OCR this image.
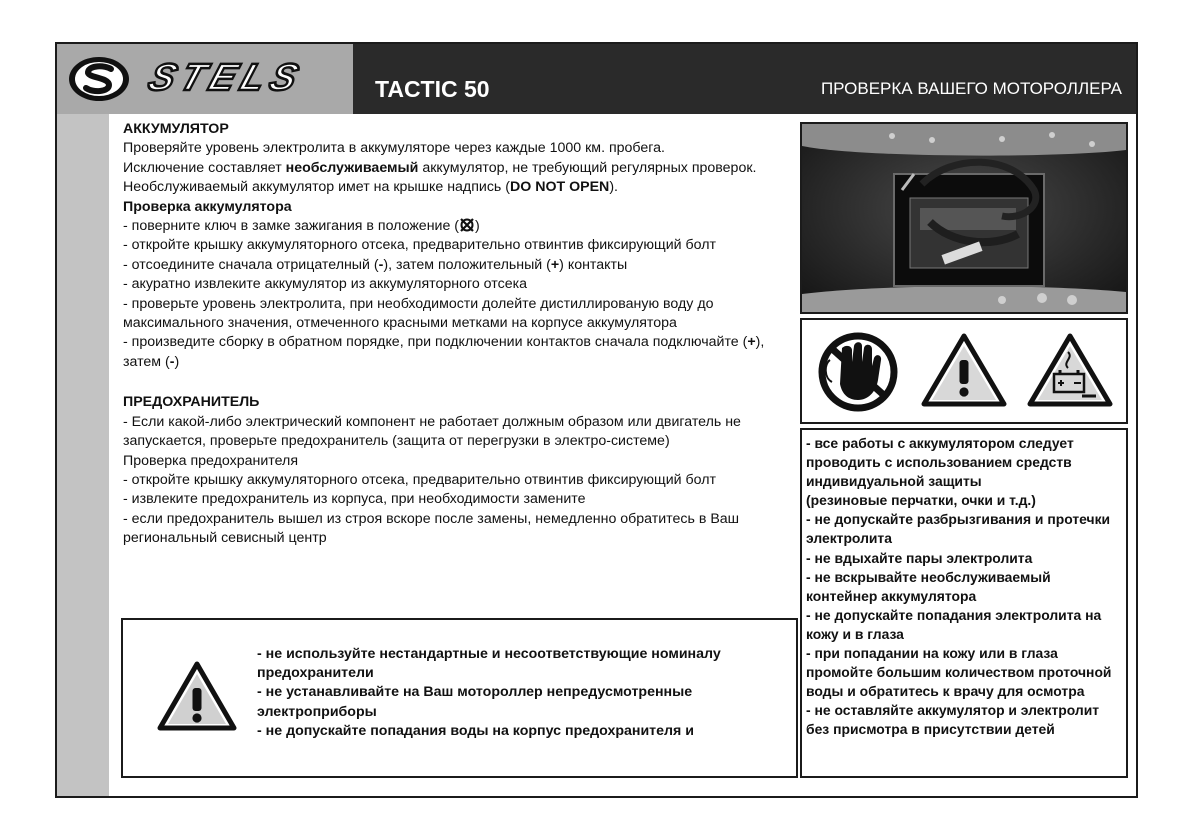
STELS	TACTIC 50	ПРОВЕРКА ВАШЕГО МОТОРОЛЛЕРА

АККУМУЛЯТОР

Проверяйте уровень электролита в аккумуляторе через каждые 1000 км. пробега.

Исключение составляет необслуживаемый аккумулятор, не требующий регулярных проверок.

Необслуживаемый аккумулятор имет на крышке надпись (DO NOT OPEN).

Проверка аккумулятора

- поверните ключ в замке зажигания в положение ( )

- откройте крышку аккумуляторного отсека, предварительно отвинтив фиксирующий болт

- отсоедините сначала отрицателный (-), затем положительный (+) контакты

- акуратно извлеките аккумулятор из аккумуляторного отсека

- проверьте уровень электролита, при необходимости долейте дистиллированую воду до максимального значения, отмеченного красными метками на корпусе аккумулятора

- произведите сборку в обратном порядке, при подключении контактов сначала подключайте (+), затем (-)

ПРЕДОХРАНИТЕЛЬ

- Если какой-либо электрический компонент не работает должным образом или двигатель не запускается, проверьте предохранитель (защита от перегрузки в электро-системе)

Проверка предохранителя

- откройте крышку аккумуляторного отсека, предварительно отвинтив фиксирующий болт

- извлеките предохранитель из корпуса, при необходимости замените

- если предохранитель вышел из строя вскоре после замены, немедленно обратитесь в Ваш региональный севисный центр

- не используйте нестандартные и несоответствующие номиналу предохранители

- не устанавливайте на Ваш мотороллер непредусмотренные электроприборы

- не допускайте попадания воды на корпус предохранителя и

- все работы с аккумулятором следует проводить с использованием средств индивидуальной защиты

(резиновые перчатки, очки и т.д.)

- не допускайте разбрызгивания и протечки электролита

- не вдыхайте пары электролита

- не вскрывайте необслуживаемый контейнер аккумулятора

- не допускайте попадания электролита на кожу и в глаза

- при попадании на кожу или в глаза промойте большим количеством проточной воды и обратитесь к врачу для осмотра

- не оставляйте аккумулятор и электролит без присмотра в присутствии детей
